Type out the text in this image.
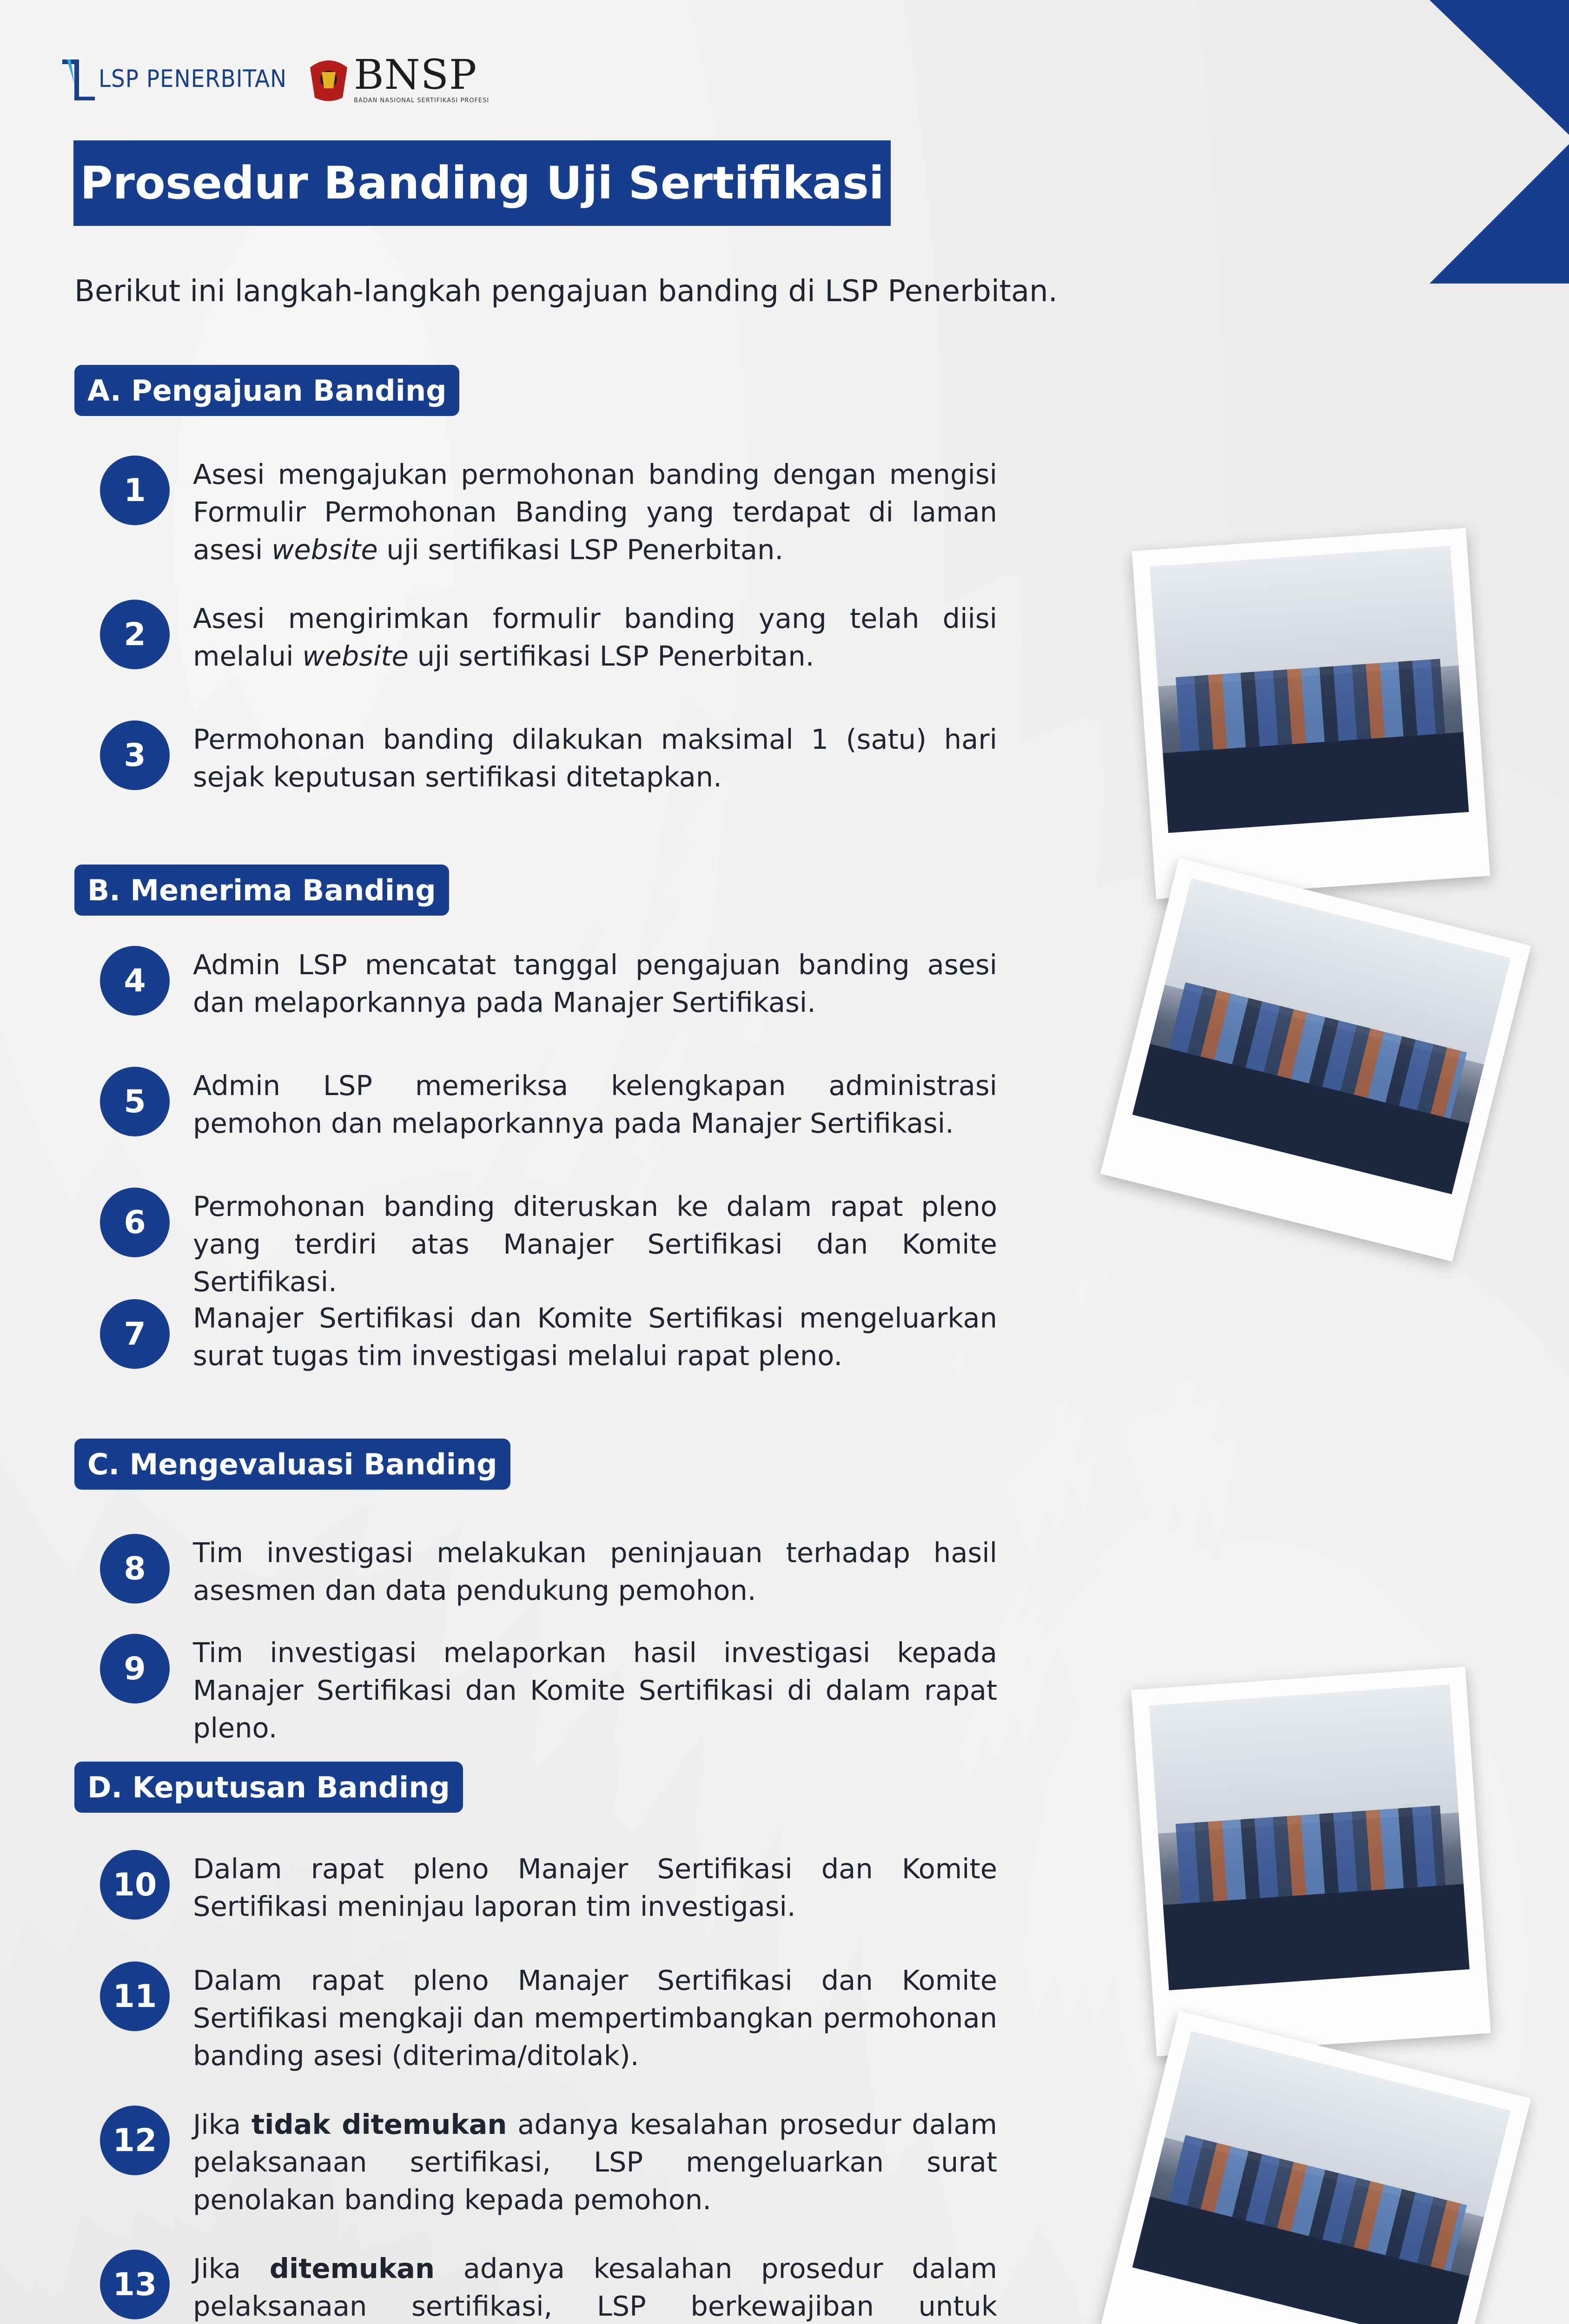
LSP PENERBITAN BNSP
BADAN NASIONAL SERTIFIKASI PROFESI
Prosedur Banding Uji Sertifikasi
Berikut ini langkah-langkah pengajuan banding di LSP Penerbitan.
A. Pengajuan Banding
1	Asesi mengajukan permohonan banding dengan mengisi Formulir Permohonan Banding yang terdapat di laman asesi website uji sertifikasi LSP Penerbitan.
2	Asesi mengirimkan formulir banding yang telah diisi melalui website uji sertifikasi LSP Penerbitan.
3	Permohonan banding dilakukan maksimal 1 (satu) hari sejak keputusan sertifikasi ditetapkan.
B. Menerima Banding
4	Admin LSP mencatat tanggal pengajuan banding asesi dan melaporkannya pada Manajer Sertifikasi.
5	Admin LSP memeriksa kelengkapan administrasi pemohon dan melaporkannya pada Manajer Sertifikasi.
6	Permohonan banding diteruskan ke dalam rapat pleno yang terdiri atas Manajer Sertifikasi dan Komite Sertifikasi.
7	Manajer Sertifikasi dan Komite Sertifikasi mengeluarkan surat tugas tim investigasi melalui rapat pleno.
C. Mengevaluasi Banding
8	Tim investigasi melakukan peninjauan terhadap hasil asesmen dan data pendukung pemohon.
9	Tim investigasi melaporkan hasil investigasi kepada Manajer Sertifikasi dan Komite Sertifikasi di dalam rapat pleno.
D. Keputusan Banding
10	Dalam rapat pleno Manajer Sertifikasi dan Komite Sertifikasi meninjau laporan tim investigasi.
11	Dalam rapat pleno Manajer Sertifikasi dan Komite Sertifikasi mengkaji dan mempertimbangkan permohonan banding asesi (diterima/ditolak).
12	Jika tidak ditemukan adanya kesalahan prosedur dalam pelaksanaan sertifikasi, LSP mengeluarkan surat penolakan banding kepada pemohon.
13	Jika ditemukan adanya kesalahan prosedur dalam pelaksanaan sertifikasi, LSP berkewajiban untuk
